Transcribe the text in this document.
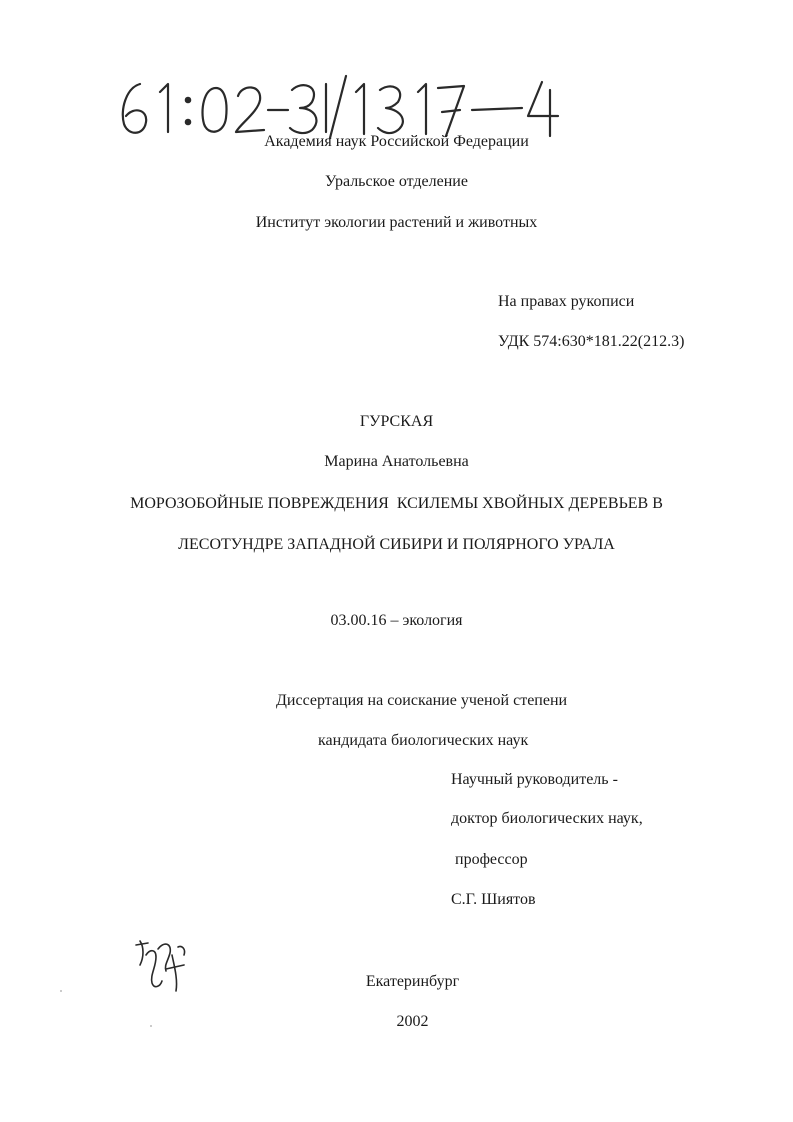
Академия наук Российской Федерации
Уральское отделение
Институт экологии растений и животных
На правах рукописи
УДК 574:630*181.22(212.3)
ГУРСКАЯ
Марина Анатольевна
МОРОЗОБОЙНЫЕ ПОВРЕЖДЕНИЯ  КСИЛЕМЫ ХВОЙНЫХ ДЕРЕВЬЕВ В
ЛЕСОТУНДРЕ ЗАПАДНОЙ СИБИРИ И ПОЛЯРНОГО УРАЛА
03.00.16 – экология
Диссертация на соискание ученой степени
кандидата биологических наук
Научный руководитель -
доктор биологических наук,
профессор
С.Г. Шиятов
Екатеринбург
2002
